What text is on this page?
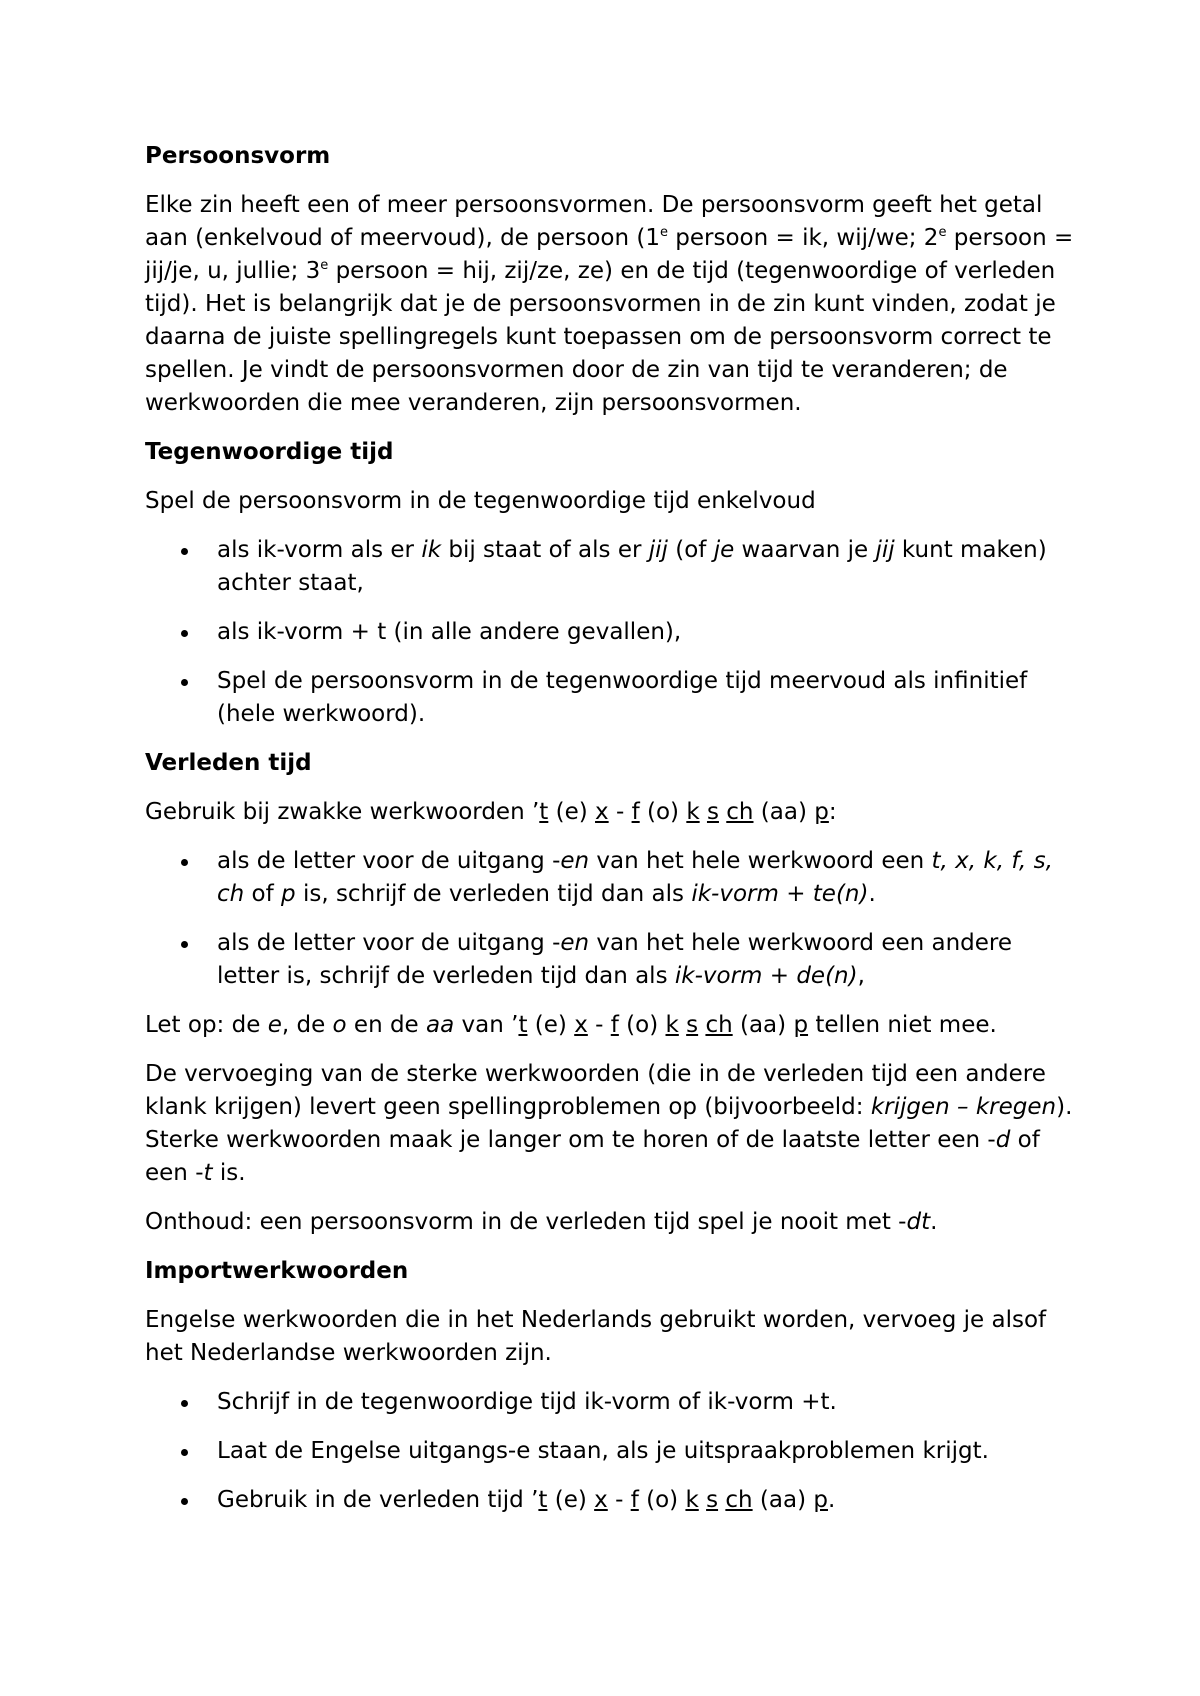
Persoonsvorm

Elke zin heeft een of meer persoonsvormen. De persoonsvorm geeft het getal aan (enkelvoud of meervoud), de persoon (1e persoon = ik, wij/we; 2e persoon = jij/je, u, jullie; 3e persoon = hij, zij/ze, ze) en de tijd (tegenwoordige of verleden tijd). Het is belangrijk dat je de persoonsvormen in de zin kunt vinden, zodat je daarna de juiste spellingregels kunt toepassen om de persoonsvorm correct te spellen. Je vindt de persoonsvormen door de zin van tijd te veranderen; de werkwoorden die mee veranderen, zijn persoonsvormen.

Tegenwoordige tijd

Spel de persoonsvorm in de tegenwoordige tijd enkelvoud

als ik-vorm als er ik bij staat of als er jij (of je waarvan je jij kunt maken) achter staat,
als ik-vorm + t (in alle andere gevallen),
Spel de persoonsvorm in de tegenwoordige tijd meervoud als infinitief (hele werkwoord).
Verleden tijd

Gebruik bij zwakke werkwoorden ’t (e) x - f (o) k s ch (aa) p:

als de letter voor de uitgang -en van het hele werkwoord een t, x, k, f, s, ch of p is, schrijf de verleden tijd dan als ik-vorm + te(n).
als de letter voor de uitgang -en van het hele werkwoord een andere letter is, schrijf de verleden tijd dan als ik-vorm + de(n),

Let op: de e, de o en de aa van ’t (e) x - f (o) k s ch (aa) p tellen niet mee.

De vervoeging van de sterke werkwoorden (die in de verleden tijd een andere klank krijgen) levert geen spellingproblemen op (bijvoorbeeld: krijgen – kregen). Sterke werkwoorden maak je langer om te horen of de laatste letter een -d of een -t is.

Onthoud: een persoonsvorm in de verleden tijd spel je nooit met -dt.

Importwerkwoorden

Engelse werkwoorden die in het Nederlands gebruikt worden, vervoeg je alsof het Nederlandse werkwoorden zijn.

Schrijf in de tegenwoordige tijd ik-vorm of ik-vorm +t.
Laat de Engelse uitgangs-e staan, als je uitspraakproblemen krijgt.
Gebruik in de verleden tijd ’t (e) x - f (o) k s ch (aa) p.
